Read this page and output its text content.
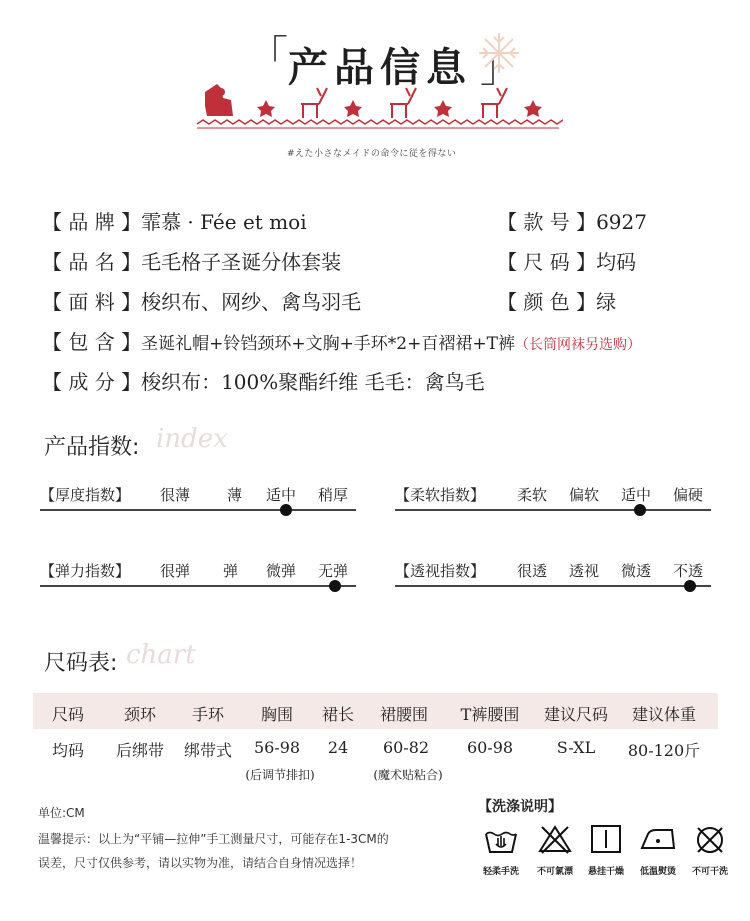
「 产品信息 」
#えた小さなメイドの命令に従を得ない
【 品 牌 】霏慕 · Fée et moi
【 品 名 】毛毛格子圣诞分体套装
【 面 料 】梭织布、网纱、禽鸟羽毛
【 包 含 】圣诞礼帽+铃铛颈环+文胸+手环*2+百褶裙+T裤（长筒网袜另选购）
【 成 分 】梭织布：100%聚酯纤维 毛毛：禽鸟毛
【 款 号 】6927
【 尺 码 】均码
【 颜 色 】绿
产品指数: index
【厚度指数】 很薄 薄 适中 稍厚	【柔软指数】 柔软 偏软 适中 偏硬
【弹力指数】 很弹 弹 微弹 无弹	【透视指数】 很透 透视 微透 不透
尺码表: chart
尺码 颈环 手环 胸围 裙长 裙腰围 T裤腰围 建议尺码 建议体重
均码 后绑带 绑带式 56-98 24 60-82 60-98	S-XL 80-120斤
(后调节排扣)	(魔术贴粘合)
单位:CM
温馨提示：以上为“平铺—拉伸”手工测量尺寸，可能存在1-3CM的
误差，尺寸仅供参考，请以实物为准，请结合自身情况选择！
【洗涤说明】
轻柔手洗 不可氯漂 悬挂干燥 低温熨烫 不可干洗
